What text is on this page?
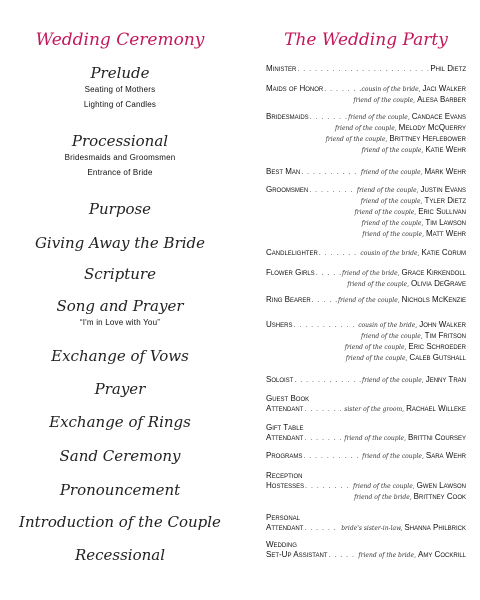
Wedding Ceremony
Prelude
Seating of Mothers
Lighting of Candles
Processional
Bridesmaids and Groomsmen
Entrance of Bride
Purpose
Giving Away the Bride
Scripture
Song and Prayer
“I'm in Love with You”
Exchange of Vows
Prayer
Exchange of Rings
Sand Ceremony
Pronouncement
Introduction of the Couple
Recessional
The Wedding Party
Minister . . .	Phil Dietz
Maids of Honor . . .	cousin of the bride, Jaci Walker
friend of the couple, Alesa Barber
Bridesmaids . . .	friend of the couple, Candace Evans
friend of the couple, Melody McQuerry
friend of the couple, Brittney Heflebower
friend of the couple, Katie Wehr
Best Man . . .	friend of the couple, Mark Wehr
Groomsmen . . .	friend of the couple, Justin Evans
friend of the couple, Tyler Dietz
friend of the couple, Eric Sullivan
friend of the couple, Tim Lawson
friend of the couple, Matt Wehr
Candlelighter . . .	cousin of the bride, Katie Corum
Flower Girls . . .	friend of the bride, Grace Kirkendoll
friend of the couple, Olivia DeGrave
Ring Bearer . . .	friend of the couple, Nichols McKenzie
Ushers . . .	cousin of the bride, John Walker
friend of the couple, Tim Fritson
friend of the couple, Eric Schroeder
friend of the couple, Caleb Gutshall
Soloist . . .	friend of the couple, Jenny Tran
Guest Book
Attendant . . .	sister of the groom, Rachael Willeke
Gift Table
Attendant . . .	friend of the couple, Brittni Coursey
Programs . . .	friend of the couple, Sara Wehr
Reception
Hostesses . . .	friend of the couple, Gwen Lawson
friend of the bride, Brittney Cook
Personal
Attendant . . .	bride's sister-in-law, Shanna Philbrick
Wedding
Set-Up Assistant . . .	friend of the bride, Amy Cockrill
